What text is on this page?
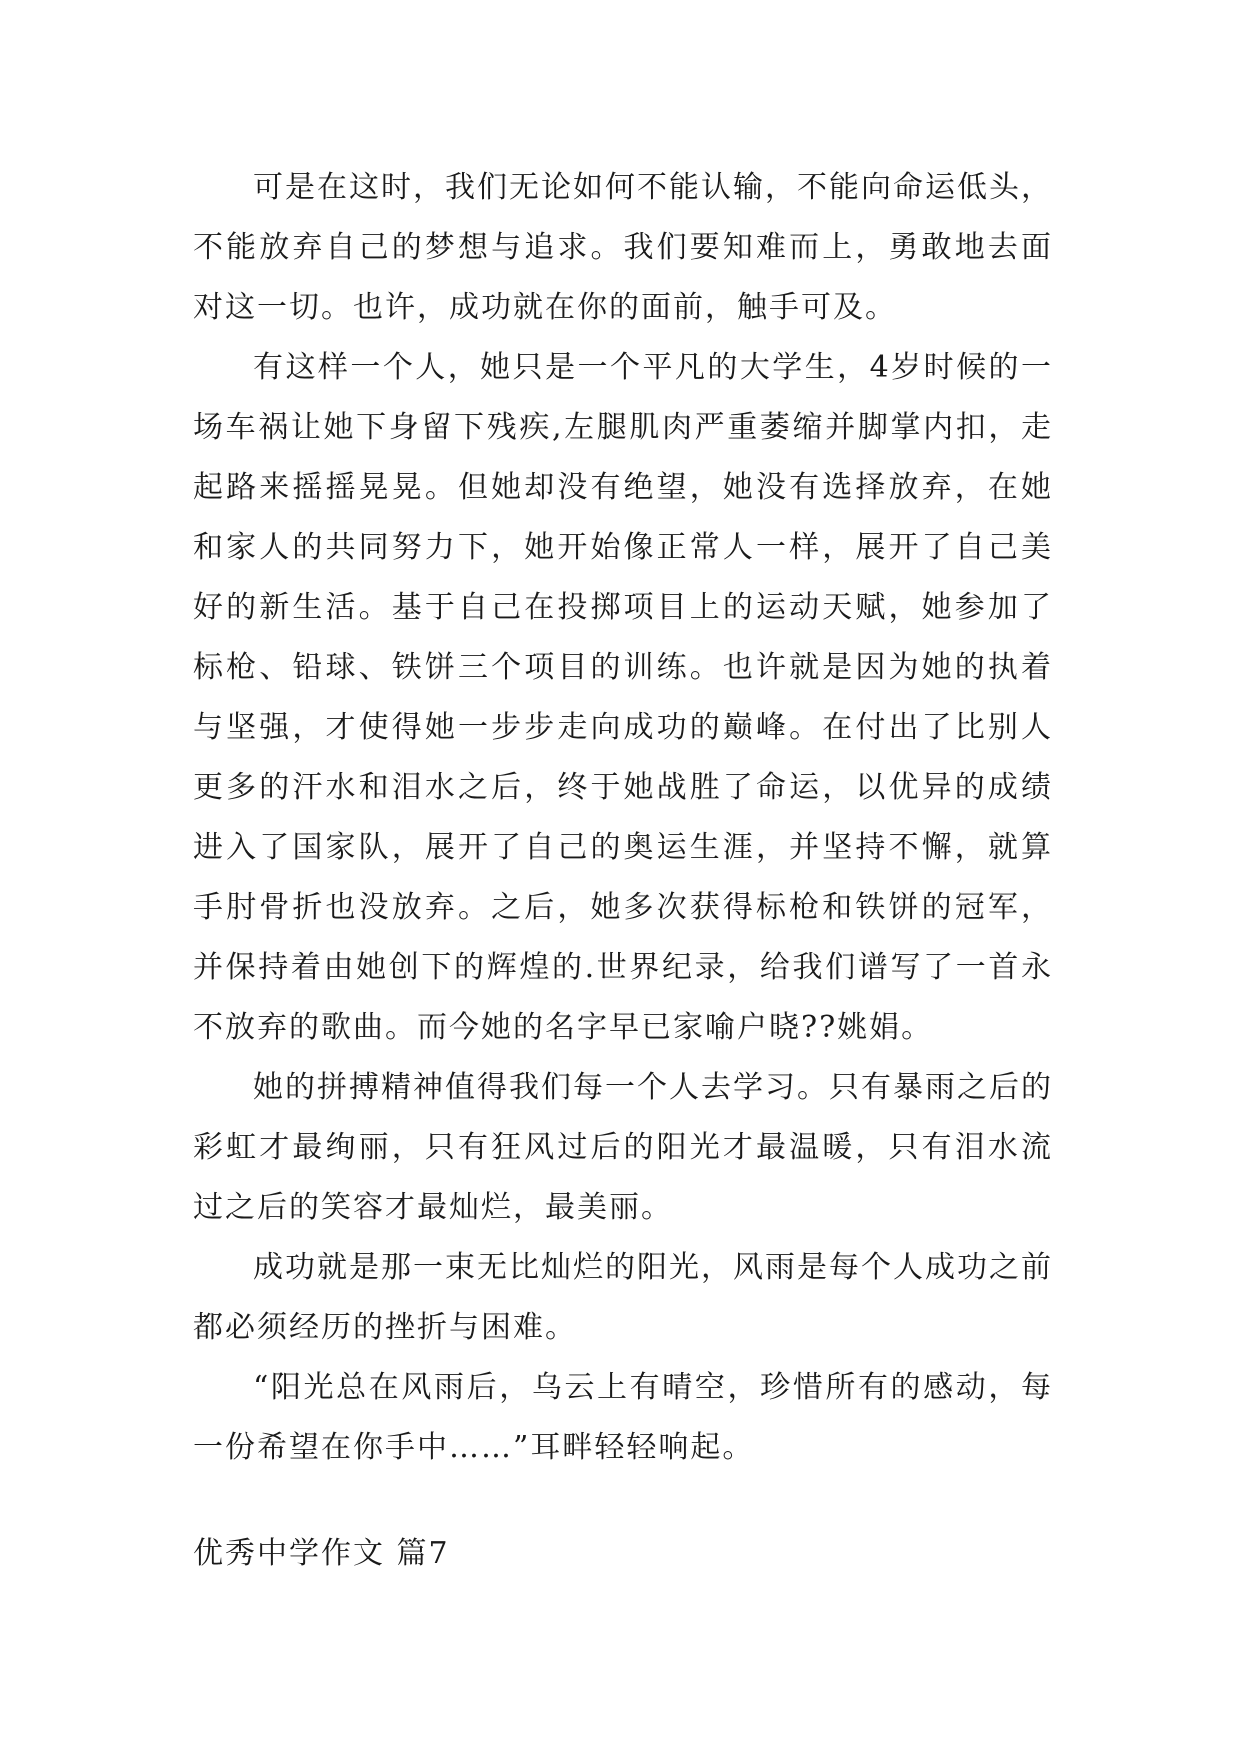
可是在这时，我们无论如何不能认输，不能向命运低头，不能放弃自己的梦想与追求。我们要知难而上，勇敢地去面对这一切。也许，成功就在你的面前，触手可及。

有这样一个人，她只是一个平凡的大学生，4岁时候的一场车祸让她下身留下残疾,左腿肌肉严重萎缩并脚掌内扣，走起路来摇摇晃晃。但她却没有绝望，她没有选择放弃，在她和家人的共同努力下，她开始像正常人一样，展开了自己美好的新生活。基于自己在投掷项目上的运动天赋，她参加了标枪、铅球、铁饼三个项目的训练。也许就是因为她的执着与坚强，才使得她一步步走向成功的巅峰。在付出了比别人更多的汗水和泪水之后，终于她战胜了命运，以优异的成绩进入了国家队，展开了自己的奥运生涯，并坚持不懈，就算手肘骨折也没放弃。之后，她多次获得标枪和铁饼的冠军，并保持着由她创下的辉煌的.世界纪录，给我们谱写了一首永不放弃的歌曲。而今她的名字早已家喻户晓??姚娟。

她的拼搏精神值得我们每一个人去学习。只有暴雨之后的彩虹才最绚丽，只有狂风过后的阳光才最温暖，只有泪水流过之后的笑容才最灿烂，最美丽。

成功就是那一束无比灿烂的阳光，风雨是每个人成功之前都必须经历的挫折与困难。

“阳光总在风雨后，乌云上有晴空，珍惜所有的感动，每一份希望在你手中……”耳畔轻轻响起。

优秀中学作文 篇7
